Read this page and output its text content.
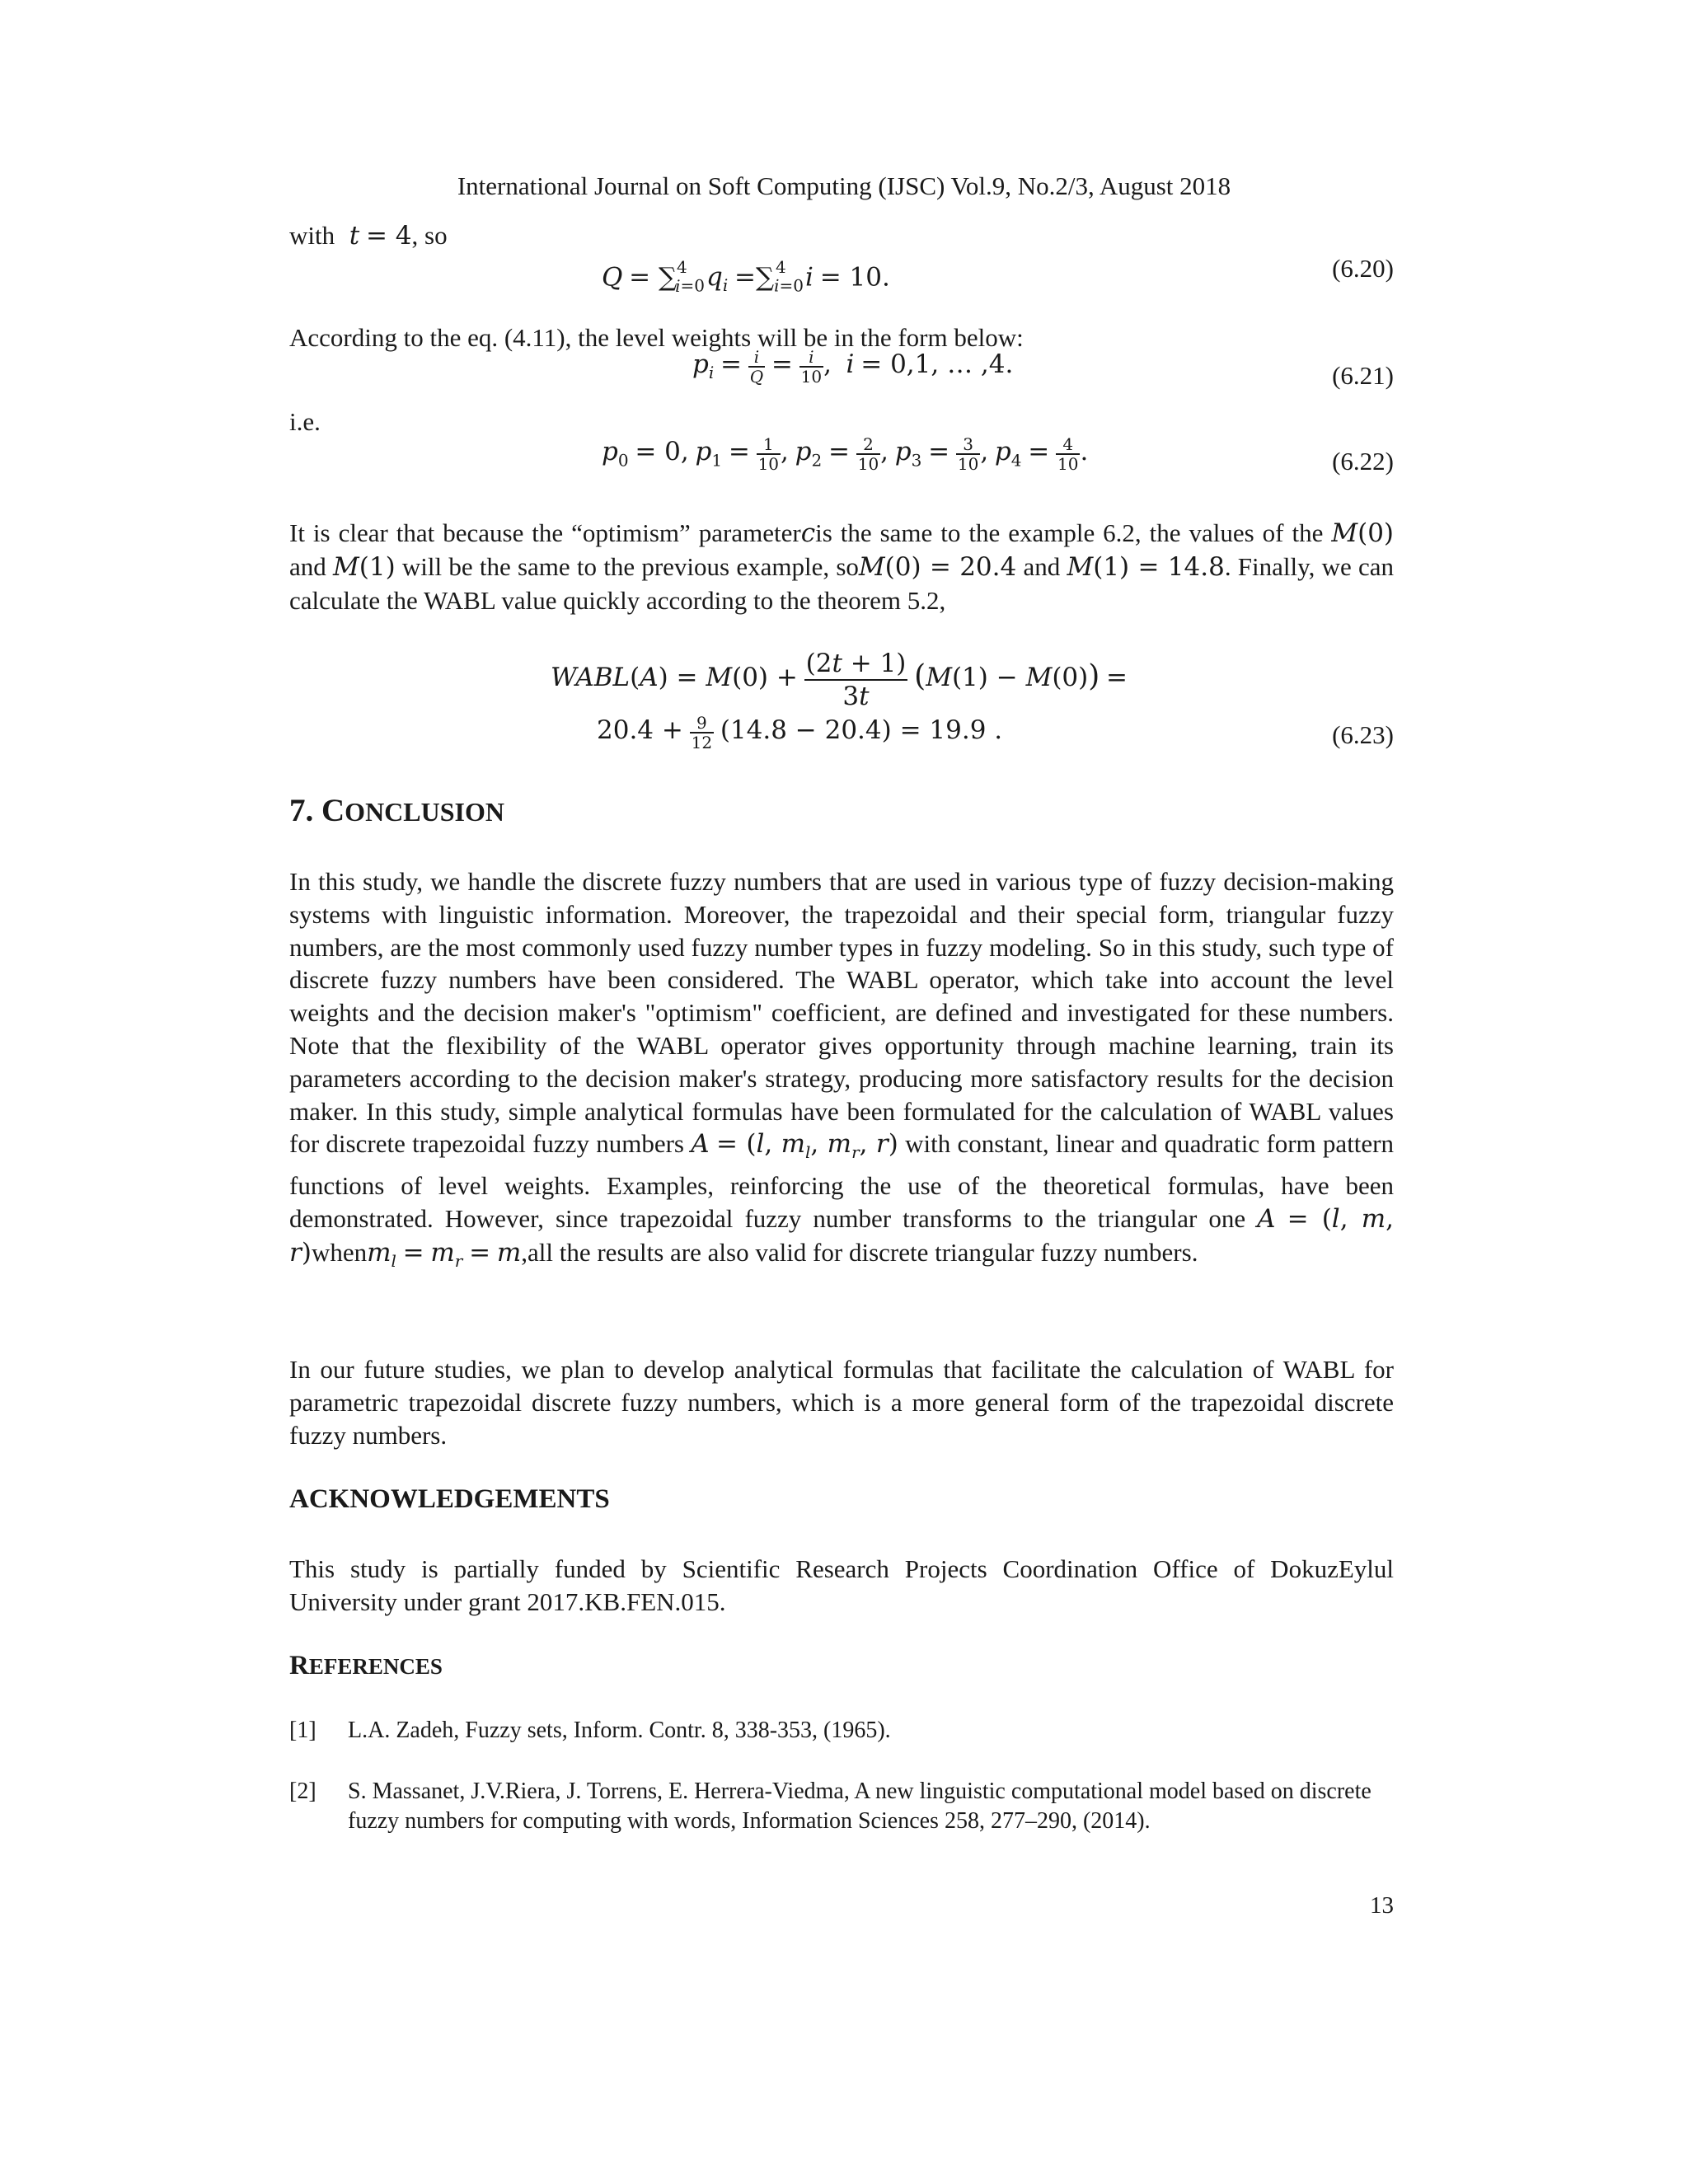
International Journal on Soft Computing (IJSC) Vol.9, No.2/3, August 2018
with  t = 4, so
$Q = \sum_{i=0}^4$ $q_i =\sum_{i=0}^4$ i = 10.	(6.20)
According to the eq. (4.11), the level weights will be in the form below:
$p_i = \frac{i}{Q} = \frac{i}{10}$ ,  i = 0,1, … ,4.	(6.21)
i.e.
$p_0 = 0$, $p_1 = \frac{1}{10}$ , $p_2 = \frac{2}{10}$ , $p_3 = \frac{3}{10}$ , $p_4 = \frac{4}{10}$ .	(6.22)
It is clear that because the “optimism” parametercis the same to the example 6.2, the values of the M(0) and M(1) will be the same to the previous example, soM(0) = 20.4 and M(1) = 14.8. Finally, we can calculate the WABL value quickly according to the theorem 5.2,
WABL(A) = $M(0) + \frac{(2t + 1)}{3t} (M(1) - M(0))$ =
$20.4 + \frac{9}{12} (14.8 - 20.4) = 19.9$ .	(6.23)
7. CONCLUSION
In this study, we handle the discrete fuzzy numbers that are used in various type of fuzzy decision-making systems with linguistic information. Moreover, the trapezoidal and their special form, triangular fuzzy numbers, are the most commonly used fuzzy number types in fuzzy modeling. So in this study, such type of discrete fuzzy numbers have been considered. The WABL operator, which take into account the level weights and the decision maker's "optimism" coefficient, are defined and investigated for these numbers. Note that the flexibility of the WABL operator gives opportunity through machine learning, train its parameters according to the decision maker's strategy, producing more satisfactory results for the decision maker. In this study, simple analytical formulas have been formulated for the calculation of WABL values for discrete trapezoidal fuzzy numbers A = (l, $m_l$, $m_r$, r) with constant, linear and quadratic form pattern functions of level weights. Examples, reinforcing the use of the theoretical formulas, have been demonstrated. However, since trapezoidal fuzzy number transforms to the triangular one A = (l, m, r)whenm$_l$ = $m_r = m,all$ the results are also valid for discrete triangular fuzzy numbers.
In our future studies, we plan to develop analytical formulas that facilitate the calculation of WABL for parametric trapezoidal discrete fuzzy numbers, which is a more general form of the trapezoidal discrete fuzzy numbers.
ACKNOWLEDGEMENTS
This study is partially funded by Scientific Research Projects Coordination Office of DokuzEylul University under grant 2017.KB.FEN.015.
REFERENCES
[1] L.A. Zadeh, Fuzzy sets, Inform. Contr. 8, 338-353, (1965).
[2] S. Massanet, J.V.Riera, J. Torrens, E. Herrera-Viedma, A new linguistic computational model based on discrete fuzzy numbers for computing with words, Information Sciences 258, 277–290, (2014).
13
